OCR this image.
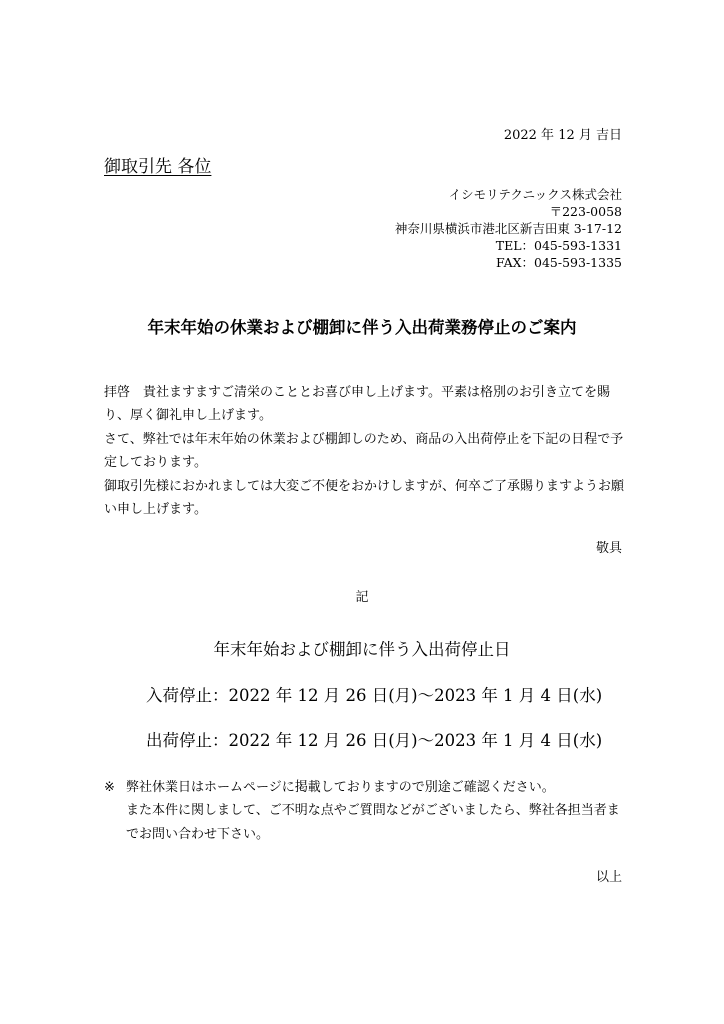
2022 年 12 月 吉日
御取引先 各位
イシモリテクニックス株式会社
〒223-0058
神奈川県横浜市港北区新吉田東 3-17-12
TEL：045-593-1331
FAX：045-593-1335
年末年始の休業および棚卸に伴う入出荷業務停止のご案内

拝啓　貴社ますますご清栄のこととお喜び申し上げます。平素は格別のお引き立てを賜り、厚く御礼申し上げます。

さて、弊社では年末年始の休業および棚卸しのため、商品の入出荷停止を下記の日程で予定しております。

御取引先様におかれましては大変ご不便をおかけしますが、何卒ご了承賜りますようお願い申し上げます。

敬具
記
年末年始および棚卸に伴う入出荷停止日
入荷停止：2022 年 12 月 26 日(月)～2023 年 1 月 4 日(水)
出荷停止：2022 年 12 月 26 日(月)～2023 年 1 月 4 日(水)
※ 弊社休業日はホームページに掲載しておりますので別途ご確認ください。
また本件に関しまして、ご不明な点やご質問などがございましたら、弊社各担当者までお問い合わせ下さい。
以上
